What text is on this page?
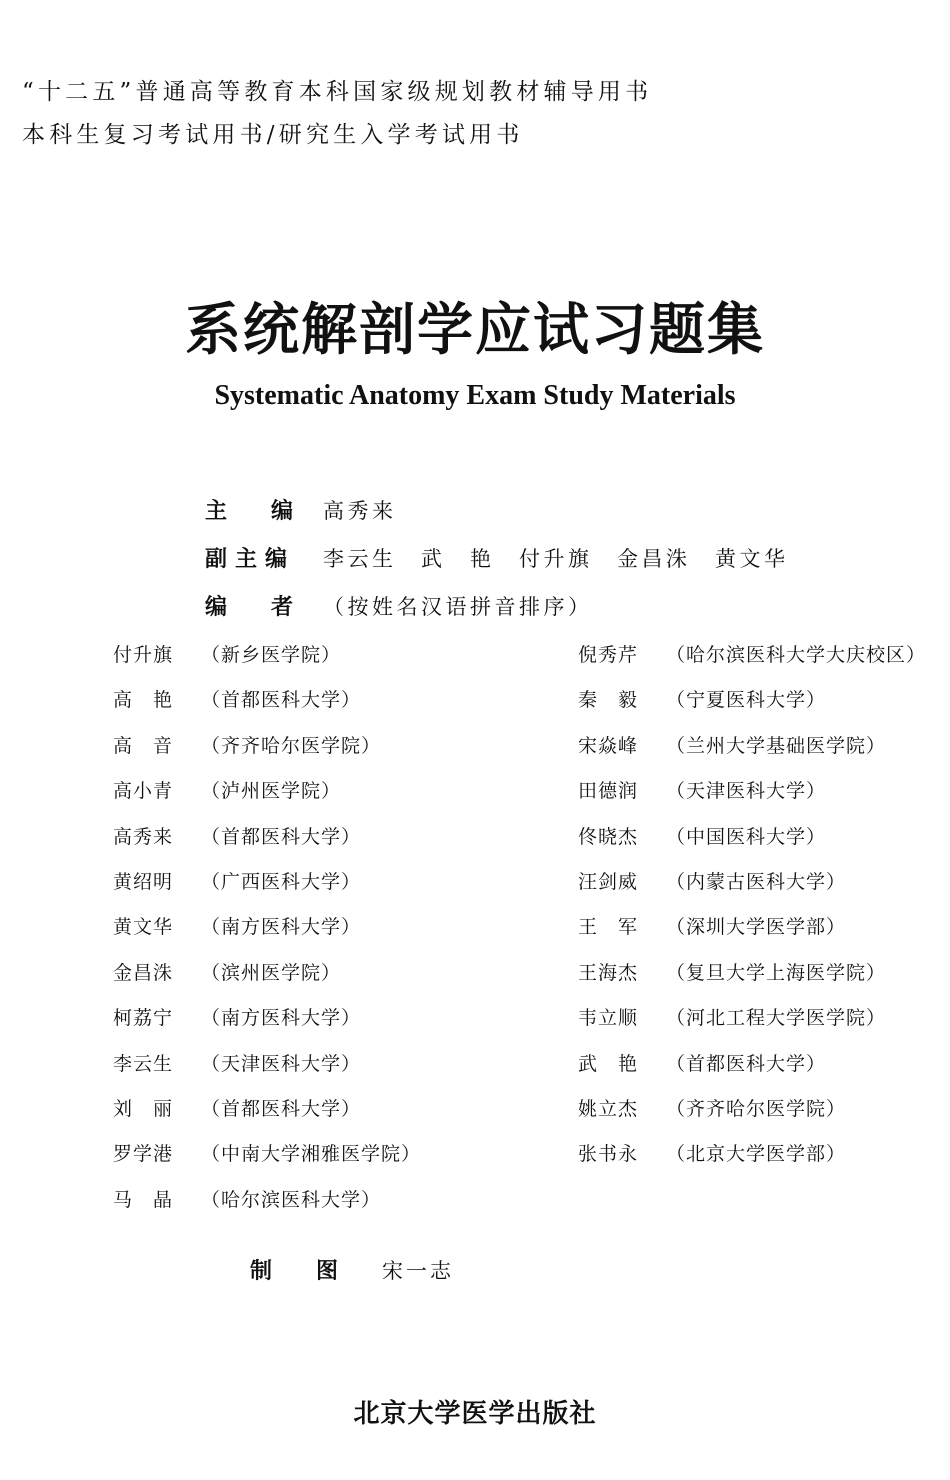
“十二五”普通高等教育本科国家级规划教材辅导用书
本科生复习考试用书/研究生入学考试用书
系统解剖学应试习题集
Systematic Anatomy Exam Study Materials
主　　编	高秀来
副主编	李云生　武　艳　付升旗　金昌洙　黄文华
编　　者	（按姓名汉语拼音排序）
付升旗 （新乡医学院）
高　艳 （首都医科大学）
高　音 （齐齐哈尔医学院）
高小青 （泸州医学院）
高秀来 （首都医科大学）
黄绍明 （广西医科大学）
黄文华 （南方医科大学）
金昌洙 （滨州医学院）
柯荔宁 （南方医科大学）
李云生 （天津医科大学）
刘　丽 （首都医科大学）
罗学港 （中南大学湘雅医学院）
马　晶 （哈尔滨医科大学）
倪秀芹 （哈尔滨医科大学大庆校区）
秦　毅 （宁夏医科大学）
宋焱峰 （兰州大学基础医学院）
田德润 （天津医科大学）
佟晓杰 （中国医科大学）
汪剑威 （内蒙古医科大学）
王　军 （深圳大学医学部）
王海杰 （复旦大学上海医学院）
韦立顺 （河北工程大学医学院）
武　艳 （首都医科大学）
姚立杰 （齐齐哈尔医学院）
张书永 （北京大学医学部）
制　　图	宋一志
北京大学医学出版社
